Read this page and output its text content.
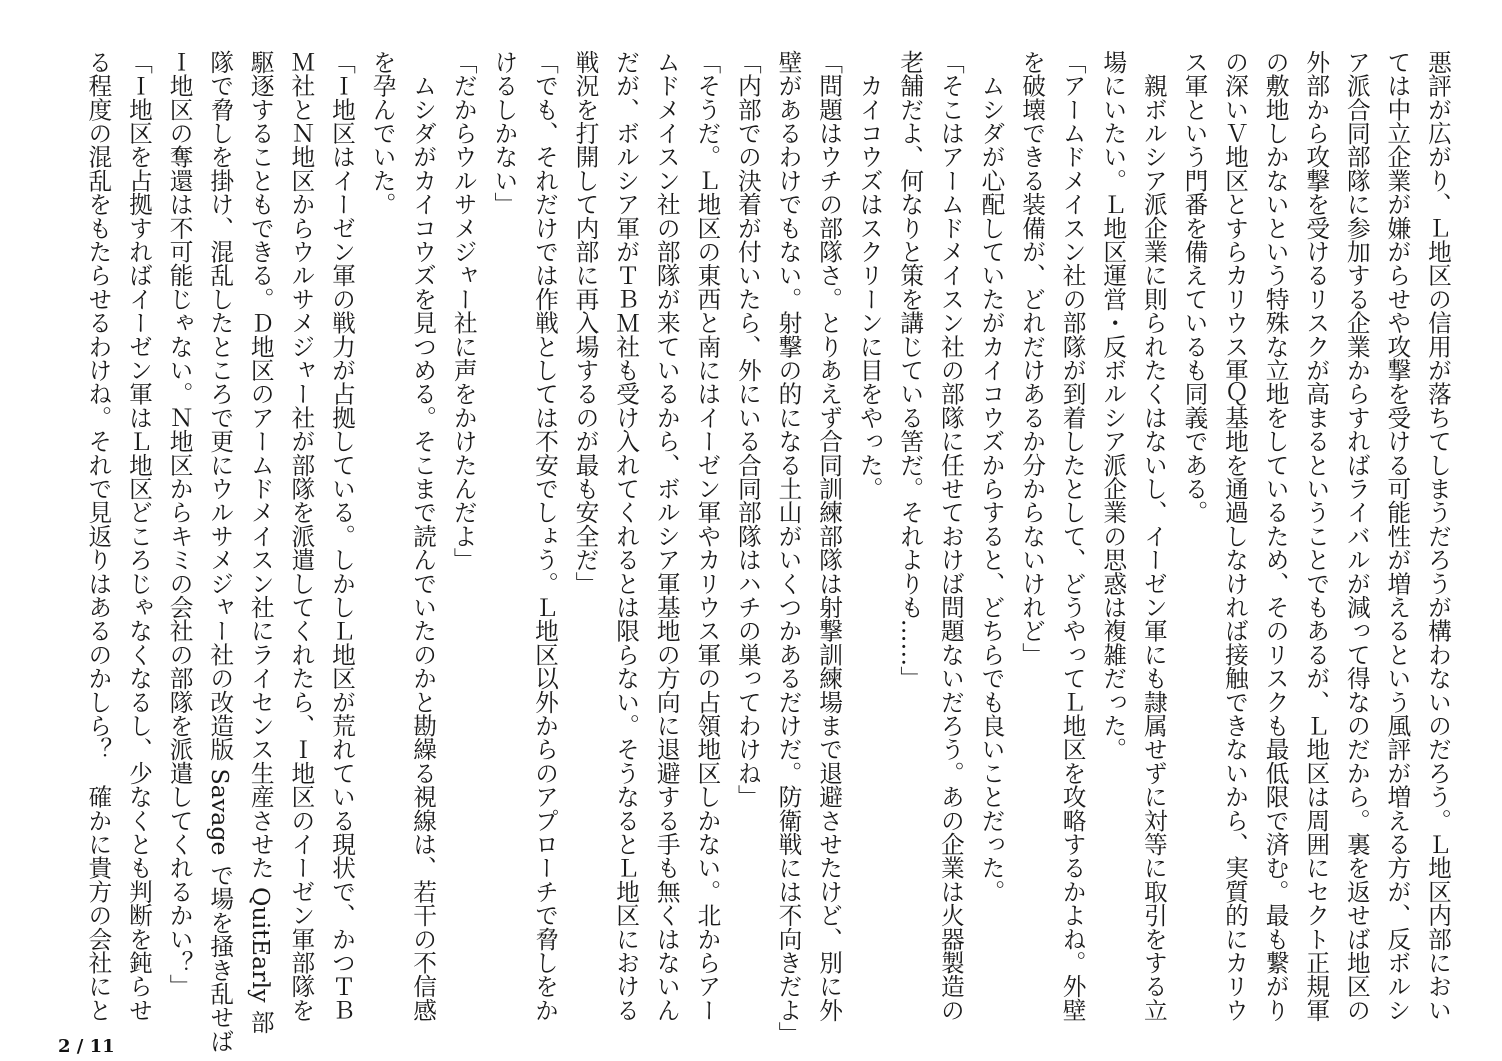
悪評が広がり、Ｌ地区の信用が落ちてしまうだろうが構わないのだろう。Ｌ地区内部におい
ては中立企業が嫌がらせや攻撃を受ける可能性が増えるという風評が増える方が、反ボルシ
ア派合同部隊に参加する企業からすればライバルが減って得なのだから。裏を返せば地区の
外部から攻撃を受けるリスクが高まるということでもあるが、Ｌ地区は周囲にセクト正規軍
の敷地しかないという特殊な立地をしているため、そのリスクも最低限で済む。最も繋がり
の深いＶ地区とすらカリウス軍Ｑ基地を通過しなければ接触できないから、実質的にカリウ
ス軍という門番を備えているも同義である。
　親ボルシア派企業に則られたくはないし、イーゼン軍にも隷属せずに対等に取引をする立
場にいたい。Ｌ地区運営・反ボルシア派企業の思惑は複雑だった。
「アームドメイスン社の部隊が到着したとして、どうやってＬ地区を攻略するかよね。外壁
を破壊できる装備が、どれだけあるか分からないけれど」
　ムシダが心配していたがカイコウズからすると、どちらでも良いことだった。
「そこはアームドメイスン社の部隊に任せておけば問題ないだろう。あの企業は火器製造の
老舗だよ、何なりと策を講じている筈だ。それよりも……」
　カイコウズはスクリーンに目をやった。
「問題はウチの部隊さ。とりあえず合同訓練部隊は射撃訓練場まで退避させたけど、別に外
壁があるわけでもない。射撃の的になる土山がいくつかあるだけだ。防衛戦には不向きだよ」
「内部での決着が付いたら、外にいる合同部隊はハチの巣ってわけね」
「そうだ。Ｌ地区の東西と南にはイーゼン軍やカリウス軍の占領地区しかない。北からアー
ムドメイスン社の部隊が来ているから、ボルシア軍基地の方向に退避する手も無くはないん
だが、ボルシア軍がＴＢＭ社も受け入れてくれるとは限らない。そうなるとＬ地区における
戦況を打開して内部に再入場するのが最も安全だ」
「でも、それだけでは作戦としては不安でしょう。Ｌ地区以外からのアプローチで脅しをか
けるしかない」
「だからウルサメジャー社に声をかけたんだよ」
　ムシダがカイコウズを見つめる。そこまで読んでいたのかと勘繰る視線は、若干の不信感
を孕んでいた。
「Ｉ地区はイーゼン軍の戦力が占拠している。しかしＬ地区が荒れている現状で、かつＴＢ
Ｍ社とＮ地区からウルサメジャー社が部隊を派遣してくれたら、Ｉ地区のイーゼン軍部隊を
駆逐することもできる。Ｄ地区のアームドメイスン社にライセンス生産させた QuitEarly 部
隊で脅しを掛け、混乱したところで更にウルサメジャー社の改造版 Savage で場を掻き乱せば
Ｉ地区の奪還は不可能じゃない。Ｎ地区からキミの会社の部隊を派遣してくれるかい？」
「Ｉ地区を占拠すればイーゼン軍はＬ地区どころじゃなくなるし、少なくとも判断を鈍らせ
る程度の混乱をもたらせるわけね。それで見返りはあるのかしら？　確かに貴方の会社にと
2 / 11
